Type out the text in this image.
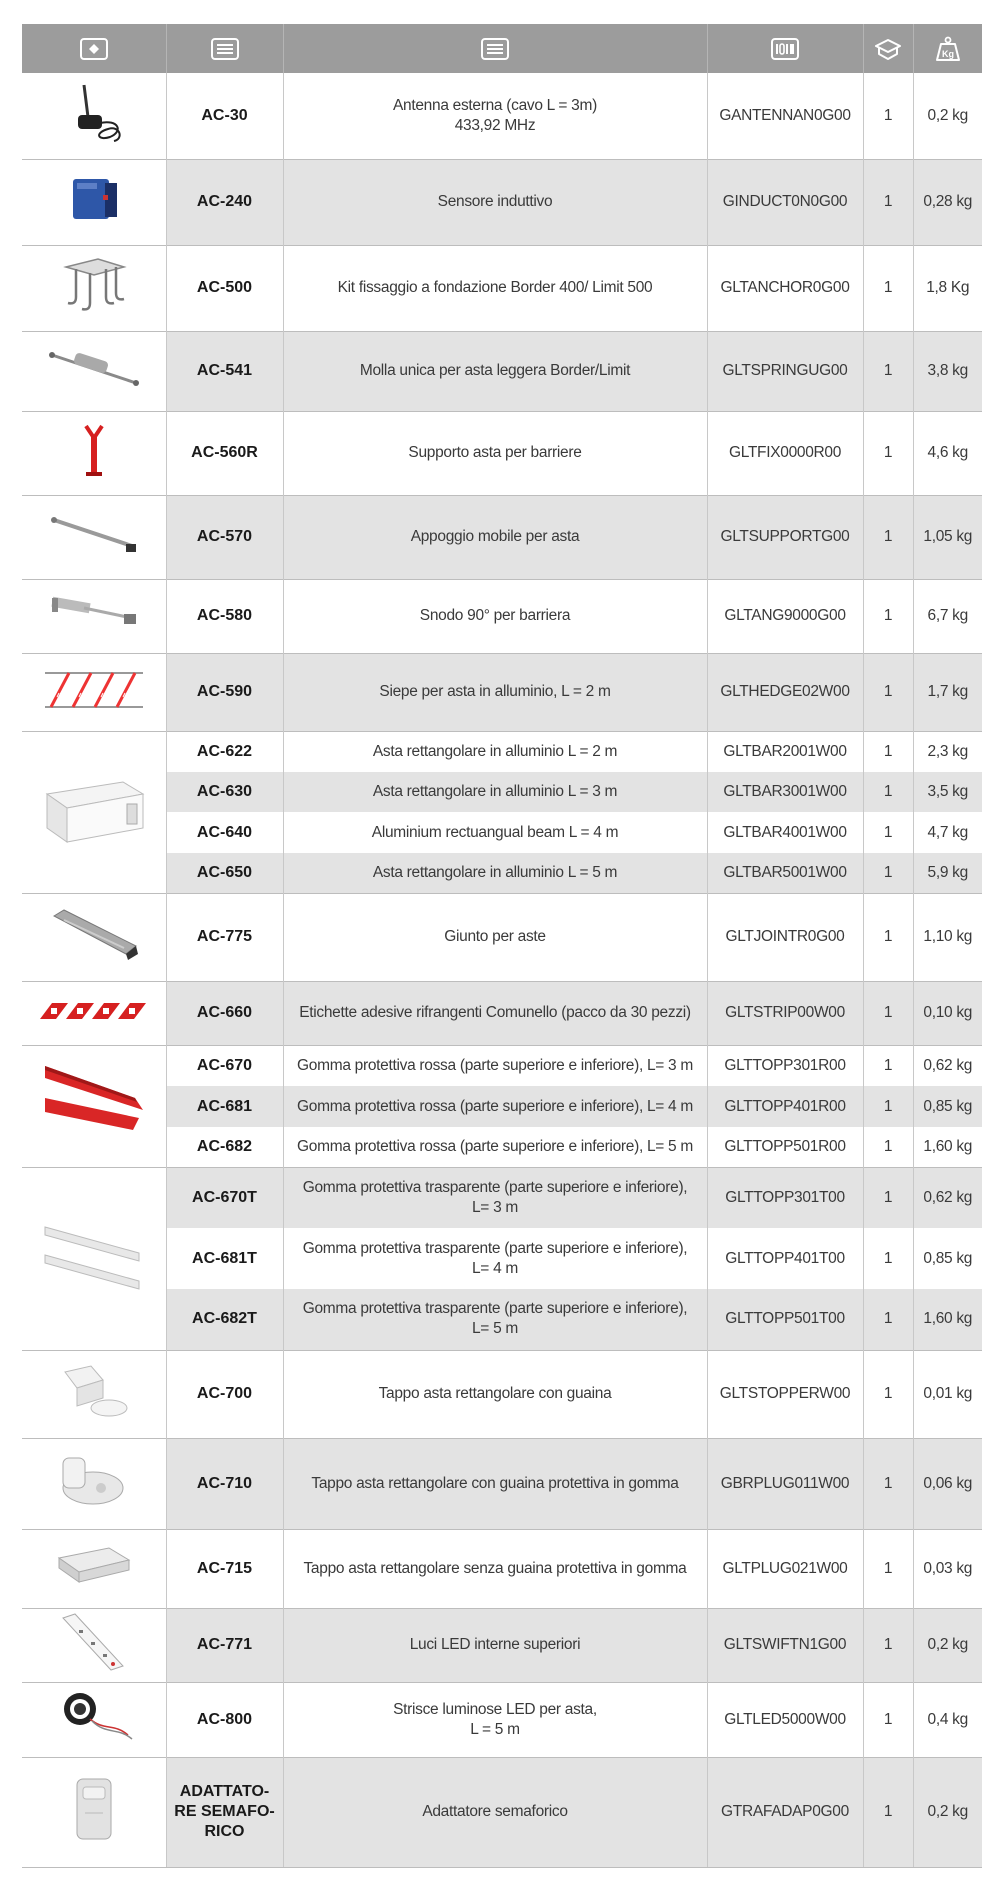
Kg

	AC-30	Antenna esterna (cavo L = 3m)
433,92 MHz	GANTENNAN0G00	1	0,2 kg
	AC-240	Sensore induttivo	GINDUCT0N0G00	1	0,28 kg
	AC-500	Kit fissaggio a fondazione Border 400/ Limit 500	GLTANCHOR0G00	1	1,8 Kg
	AC-541	Molla unica per asta leggera Border/Limit	GLTSPRINGUG00	1	3,8 kg
	AC-560R	Supporto asta per barriere	GLTFIX0000R00	1	4,6 kg
	AC-570	Appoggio mobile per asta	GLTSUPPORTG00	1	1,05 kg
	AC-580	Snodo 90° per barriera	GLTANG9000G00	1	6,7 kg
	AC-590	Siepe per asta in alluminio, L = 2 m	GLTHEDGE02W00	1	1,7 kg
	AC-622	Asta rettangolare in alluminio L = 2 m	GLTBAR2001W00	1	2,3 kg
	AC-630	Asta rettangolare in alluminio L = 3 m	GLTBAR3001W00	1	3,5 kg
	AC-640	Aluminium rectuangual beam L = 4 m	GLTBAR4001W00	1	4,7 kg
	AC-650	Asta rettangolare in alluminio L = 5 m	GLTBAR5001W00	1	5,9 kg
	AC-775	Giunto per aste	GLTJOINTR0G00	1	1,10 kg
	AC-660	Etichette adesive rifrangenti Comunello (pacco da 30 pezzi)	GLTSTRIP00W00	1	0,10 kg
	AC-670	Gomma protettiva rossa (parte superiore e inferiore), L= 3 m	GLTTOPP301R00	1	0,62 kg
	AC-681	Gomma protettiva rossa (parte superiore e inferiore), L= 4 m	GLTTOPP401R00	1	0,85 kg
	AC-682	Gomma protettiva rossa (parte superiore e inferiore), L= 5 m	GLTTOPP501R00	1	1,60 kg
	AC-670T	Gomma protettiva trasparente (parte superiore e inferiore),
L= 3 m	GLTTOPP301T00	1	0,62 kg
	AC-681T	Gomma protettiva trasparente (parte superiore e inferiore),
L= 4 m	GLTTOPP401T00	1	0,85 kg
	AC-682T	Gomma protettiva trasparente (parte superiore e inferiore),
L= 5 m	GLTTOPP501T00	1	1,60 kg
	AC-700	Tappo asta rettangolare con guaina	GLTSTOPPERW00	1	0,01 kg
	AC-710	Tappo asta rettangolare con guaina protettiva in gomma	GBRPLUG011W00	1	0,06 kg
	AC-715	Tappo asta rettangolare senza guaina protettiva in gomma	GLTPLUG021W00	1	0,03 kg
	AC-771	Luci LED interne superiori	GLTSWIFTN1G00	1	0,2 kg
	AC-800	Strisce luminose LED per asta,
L = 5 m	GLTLED5000W00	1	0,4 kg
	ADATTATO- RE SEMAFO- RICO	Adattatore semaforico	GTRAFADAP0G00	1	0,2 kg
